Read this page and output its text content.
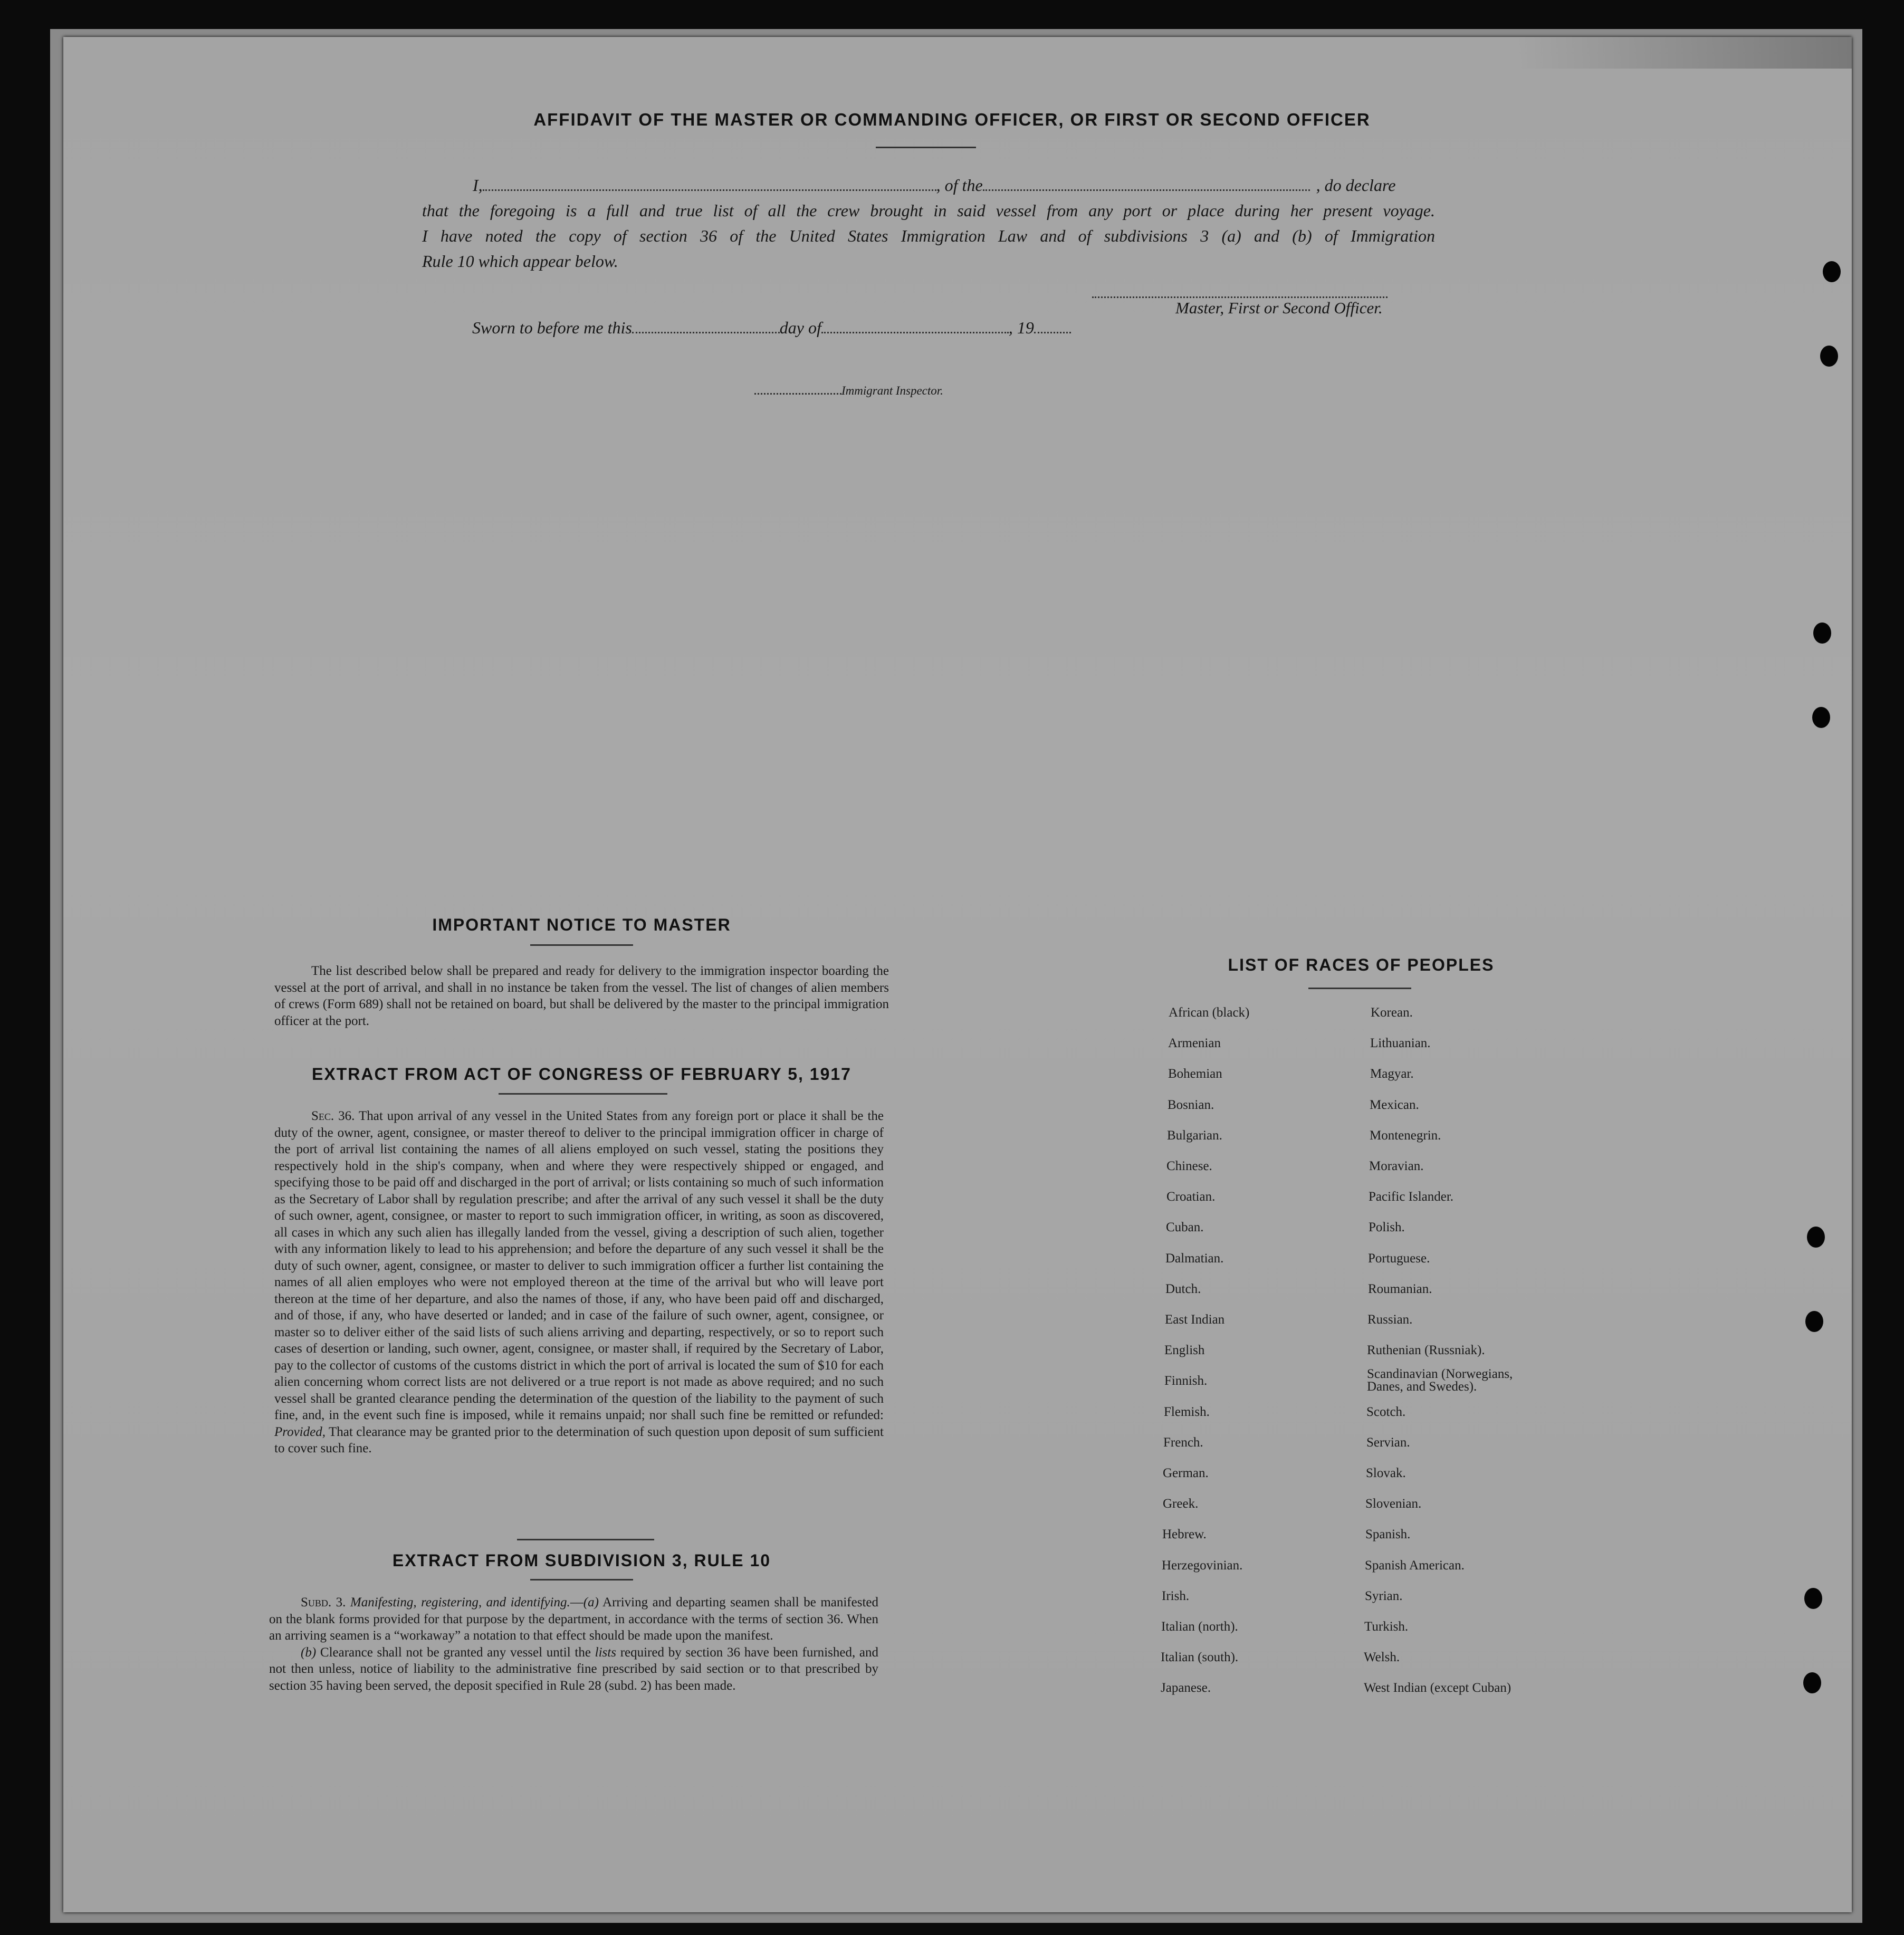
AFFIDAVIT OF THE MASTER OR COMMANDING OFFICER, OR FIRST OR SECOND OFFICER
I,	, of the	, do declare
that the foregoing is a full and true list of all the crew brought in said vessel from any port or place during her present voyage.
I have noted the copy of section 36 of the United States Immigration Law and of subdivisions 3 (a) and (b) of Immigration
Rule 10 which appear below.
Master, First or Second Officer.
Sworn to before me this	day of	, 19
Immigrant Inspector.
IMPORTANT NOTICE TO MASTER
The list described below shall be prepared and ready for delivery to the immigration inspector boarding the vessel at the port of arrival, and shall in no instance be taken from the vessel. The list of changes of alien members of crews (Form 689) shall not be retained on board, but shall be delivered by the master to the principal immigration officer at the port.
EXTRACT FROM ACT OF CONGRESS OF FEBRUARY 5, 1917
Sec. 36. That upon arrival of any vessel in the United States from any foreign port or place it shall be the duty of the owner, agent, consignee, or master thereof to deliver to the principal immigration officer in charge of the port of arrival list containing the names of all aliens employed on such vessel, stating the positions they respectively hold in the ship's company, when and where they were respectively shipped or engaged, and specifying those to be paid off and discharged in the port of arrival; or lists containing so much of such information as the Secretary of Labor shall by regulation prescribe; and after the arrival of any such vessel it shall be the duty of such owner, agent, consignee, or master to report to such immigration officer, in writing, as soon as discovered, all cases in which any such alien has illegally landed from the vessel, giving a description of such alien, together with any information likely to lead to his apprehension; and before the departure of any such vessel it shall be the duty of such owner, agent, consignee, or master to deliver to such immigration officer a further list containing the names of all alien employes who were not employed thereon at the time of the arrival but who will leave port thereon at the time of her departure, and also the names of those, if any, who have been paid off and discharged, and of those, if any, who have deserted or landed; and in case of the failure of such owner, agent, consignee, or master so to deliver either of the said lists of such aliens arriving and departing, respectively, or so to report such cases of desertion or landing, such owner, agent, consignee, or master shall, if required by the Secretary of Labor, pay to the collector of customs of the customs district in which the port of arrival is located the sum of $10 for each alien concerning whom correct lists are not delivered or a true report is not made as above required; and no such vessel shall be granted clearance pending the determination of the question of the liability to the payment of such fine, and, in the event such fine is imposed, while it remains unpaid; nor shall such fine be remitted or refunded: Provided, That clearance may be granted prior to the determination of such question upon deposit of sum sufficient to cover such fine.
EXTRACT FROM SUBDIVISION 3, RULE 10
Subd. 3. Manifesting, registering, and identifying.—(a) Arriving and departing seamen shall be manifested on the blank forms provided for that purpose by the department, in accordance with the terms of section 36. When an arriving seamen is a “workaway” a notation to that effect should be made upon the manifest.
(b) Clearance shall not be granted any vessel until the lists required by section 36 have been furnished, and not then unless, notice of liability to the administrative fine prescribed by said section or to that prescribed by section 35 having been served, the deposit specified in Rule 28 (subd. 2) has been made.
LIST OF RACES OF PEOPLES
African (black)
Armenian
Bohemian
Bosnian.
Bulgarian.
Chinese.
Croatian.
Cuban.
Dalmatian.
Dutch.
East Indian
English
Finnish.
Flemish.
French.
German.
Greek.
Hebrew.
Herzegovinian.
Irish.
Italian (north).
Italian (south).
Japanese.
Korean.
Lithuanian.
Magyar.
Mexican.
Montenegrin.
Moravian.
Pacific Islander.
Polish.
Portuguese.
Roumanian.
Russian.
Ruthenian (Russniak).
Scandinavian (Norwegians, Danes, and Swedes).
Scotch.
Servian.
Slovak.
Slovenian.
Spanish.
Spanish American.
Syrian.
Turkish.
Welsh.
West Indian (except Cuban)
